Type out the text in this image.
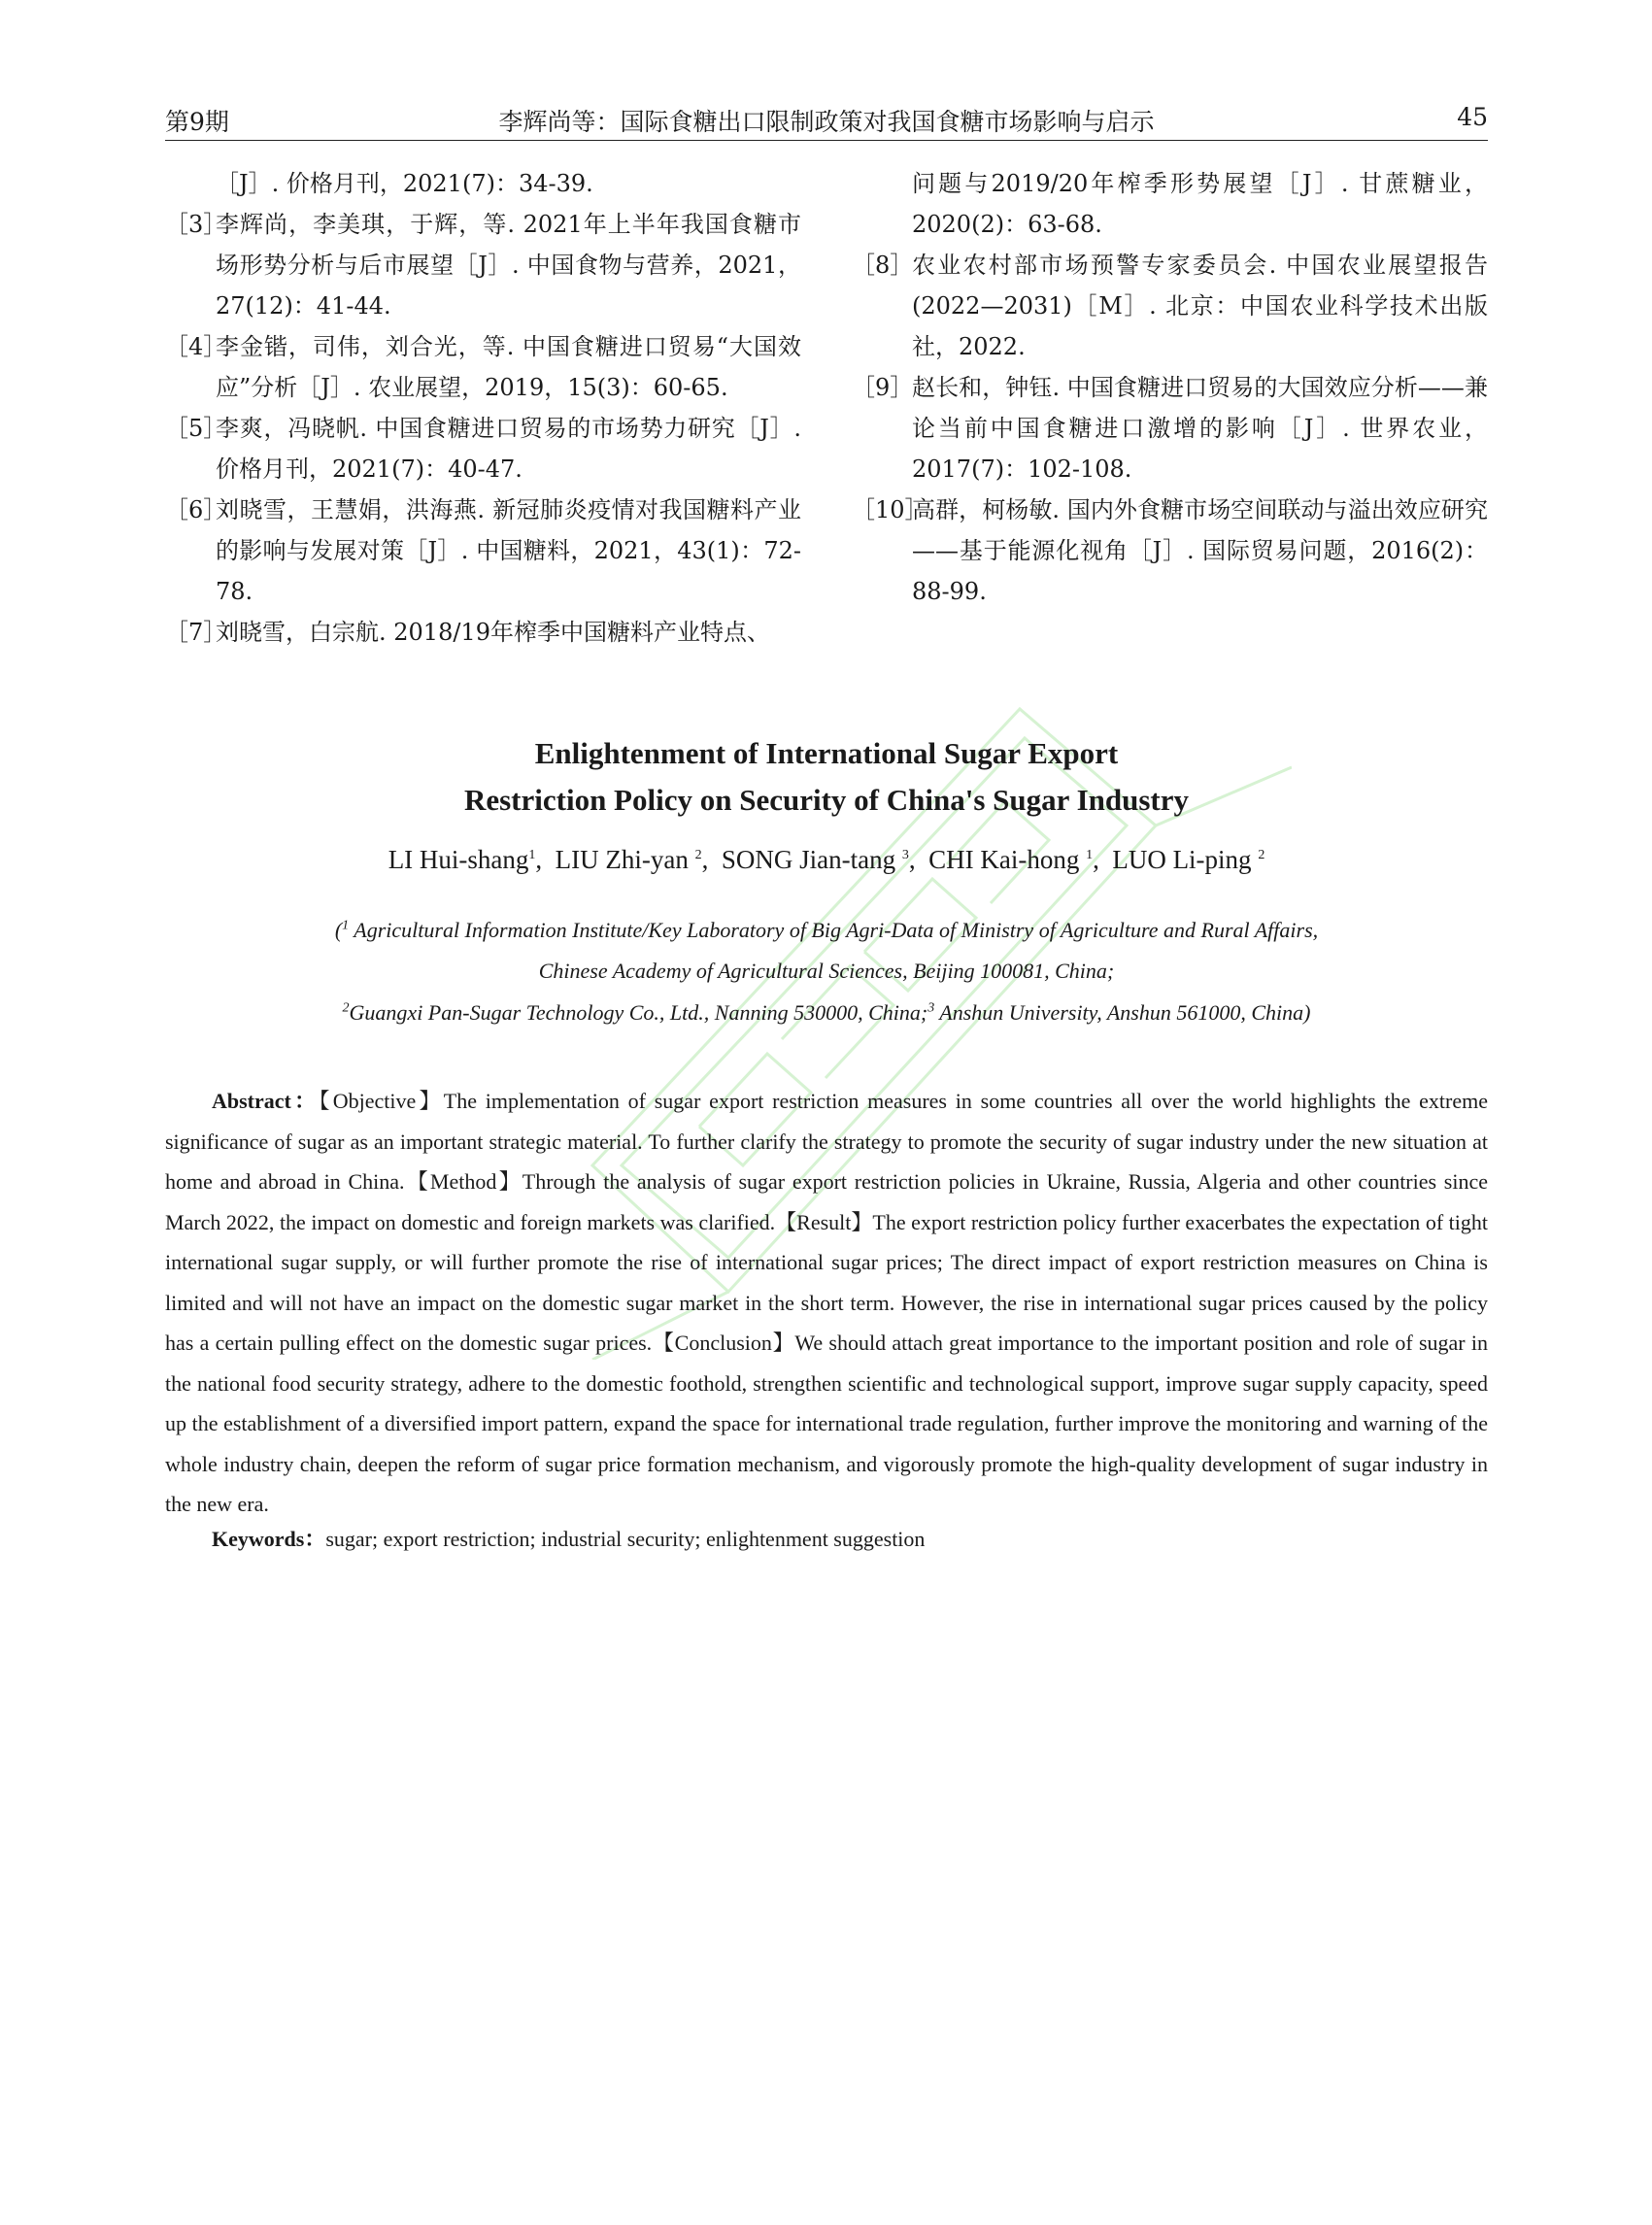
第9期	李辉尚等：国际食糖出口限制政策对我国食糖市场影响与启示	45
［J］. 价格月刊，2021(7)：34-39.
［3］
李辉尚，李美琪，于辉，等. 2021年上半年我国食糖市场形势分析与后市展望［J］. 中国食物与营养，2021，27(12)：41-44.
［4］
李金锴，司伟，刘合光，等. 中国食糖进口贸易“大国效应”分析［J］. 农业展望，2019，15(3)：60-65.
［5］
李爽，冯晓帆. 中国食糖进口贸易的市场势力研究［J］. 价格月刊，2021(7)：40-47.
［6］
刘晓雪，王慧娟，洪海燕. 新冠肺炎疫情对我国糖料产业的影响与发展对策［J］. 中国糖料，2021，43(1)：72-78.
［7］
刘晓雪，白宗航. 2018/19年榨季中国糖料产业特点、
问题与2019/20年榨季形势展望［J］. 甘蔗糖业，2020(2)：63-68.
［8］
农业农村部市场预警专家委员会. 中国农业展望报告(2022—2031)［M］. 北京：中国农业科学技术出版社，2022.
［9］
赵长和，钟钰. 中国食糖进口贸易的大国效应分析——兼论当前中国食糖进口激增的影响［J］. 世界农业，2017(7)：102-108.
［10］
高群，柯杨敏. 国内外食糖市场空间联动与溢出效应研究——基于能源化视角［J］. 国际贸易问题，2016(2)：88-99.
Enlightenment of International Sugar Export
Restriction Policy on Security of China's Sugar Industry
LI Hui-shang$^1$,  LIU Zhi-yan $^2$,  SONG Jian-tang $^3$,  CHI Kai-hong $^1$,  LUO Li-ping $^2$
($^1$ Agricultural Information Institute/Key Laboratory of Big Agri-Data of Ministry of Agriculture and Rural Affairs,
Chinese Academy of Agricultural Sciences, Beijing 100081, China;
$^2$Guangxi Pan-Sugar Technology Co., Ltd., Nanning 530000, China;$^3$ Anshun University, Anshun 561000, China)
Abstract：【Objective】The implementation of sugar export restriction measures in some countries all over the world highlights the extreme significance of sugar as an important strategic material. To further clarify the strategy to promote the security of sugar industry under the new situation at home and abroad in China.【Method】Through the analysis of sugar export restriction policies in Ukraine, Russia, Algeria and other countries since March 2022, the impact on domestic and foreign markets was clarified.【Result】The export restriction policy further exacerbates the expectation of tight international sugar supply, or will further promote the rise of international sugar prices; The direct impact of export restriction measures on China is limited and will not have an impact on the domestic sugar market in the short term. However, the rise in international sugar prices caused by the policy has a certain pulling effect on the domestic sugar prices.【Conclusion】We should attach great importance to the important position and role of sugar in the national food security strategy, adhere to the domestic foothold, strengthen scientific and technological support, improve sugar supply capacity, speed up the establishment of a diversified import pattern, expand the space for international trade regulation, further improve the monitoring and warning of the whole industry chain, deepen the reform of sugar price formation mechanism, and vigorously promote the high-quality development of sugar industry in the new era.
Keywords：sugar; export restriction; industrial security; enlightenment suggestion
